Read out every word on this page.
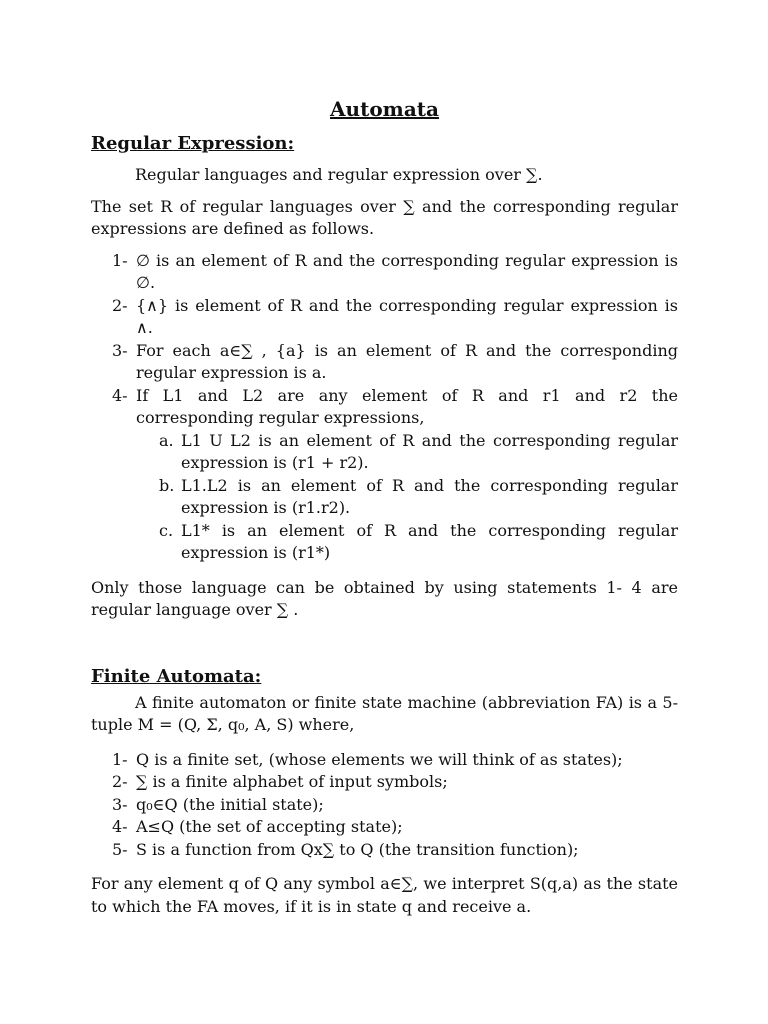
Automata
Regular Expression:

Regular languages and regular expression over ∑.

The set R of regular languages over ∑ and the corresponding regular expressions are defined as follows.

1- ∅ is an element of R and the corresponding regular expression is ∅.
2- {∧} is element of R and the corresponding regular expression is ∧.
3- For each a∈∑ , {a} is an element of R and the corresponding regular expression is a.
4- If L1 and L2 are any element of R and r1 and r2 the corresponding regular expressions,
a. L1 U L2 is an element of R and the corresponding regular expression is (r1 + r2).
b. L1.L2 is an element of R and the corresponding regular expression is (r1.r2).
c. L1* is an element of R and the corresponding regular expression is (r1*)

Only those language can be obtained by using statements 1- 4 are regular language over ∑ .

Finite Automata:

A finite automaton or finite state machine (abbreviation FA) is a 5-tuple M = (Q, Σ, q₀, A, S) where,

1- Q is a finite set, (whose elements we will think of as states);
2- ∑ is a finite alphabet of input symbols;
3- q₀∈Q (the initial state);
4- A≤Q (the set of accepting state);
5- S is a function from Qx∑ to Q (the transition function);

For any element q of Q any symbol a∈∑, we interpret S(q,a) as the state to which the FA moves, if it is in state q and receive a.
